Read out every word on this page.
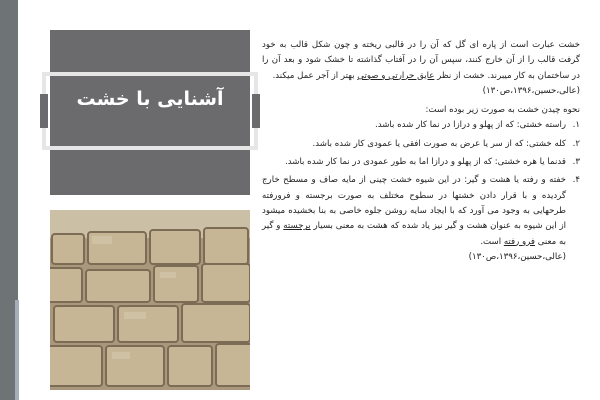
آشنایی با خشت

خشت عبارت است از پاره ای گل که آن را در قالبی ریخته و چون شکل قالب به خود گرفت قالب را از آن خارج کنند، سپس آن را در آفتاب گذاشته تا خشک شود و بعد آن را در ساختمان به کار میبرند. خشت از نظر عایق حرارتی و صوتی بهتر از آجر عمل میکند.
(عالی،حسین،۱۳۹۶،ص۱۳۰)

نحوه چیدن خشت به صورت زیر بوده است:

۱.
راسته خشتی: که از پهلو و درازا در نما کار شده باشد.
۲.
کله خشتی: که از سر یا عرض به صورت افقی یا عمودی کار شده باشد.
۳.
قدنما یا هره خشتی: که از پهلو و درازا اما به طور عمودی در نما کار شده باشد.
۴.
خفته و رفته یا هشت و گیر: در این شیوه خشت چینی از مایه صاف و مسطح خارج گردیده و با قرار دادن خشتها در سطوح مختلف به صورت برجسته و فرورفته طرحهایی به وجود می آورد که با ایجاد سایه روشن جلوه خاصی به بنا بخشیده میشود از این شیوه به عنوان هشت و گیر نیز یاد شده که هشت به معنی بسیار برجسته و گیر به معنی فرو رفته است.
(عالی،حسین،۱۳۹۶،ص۱۳۰)
